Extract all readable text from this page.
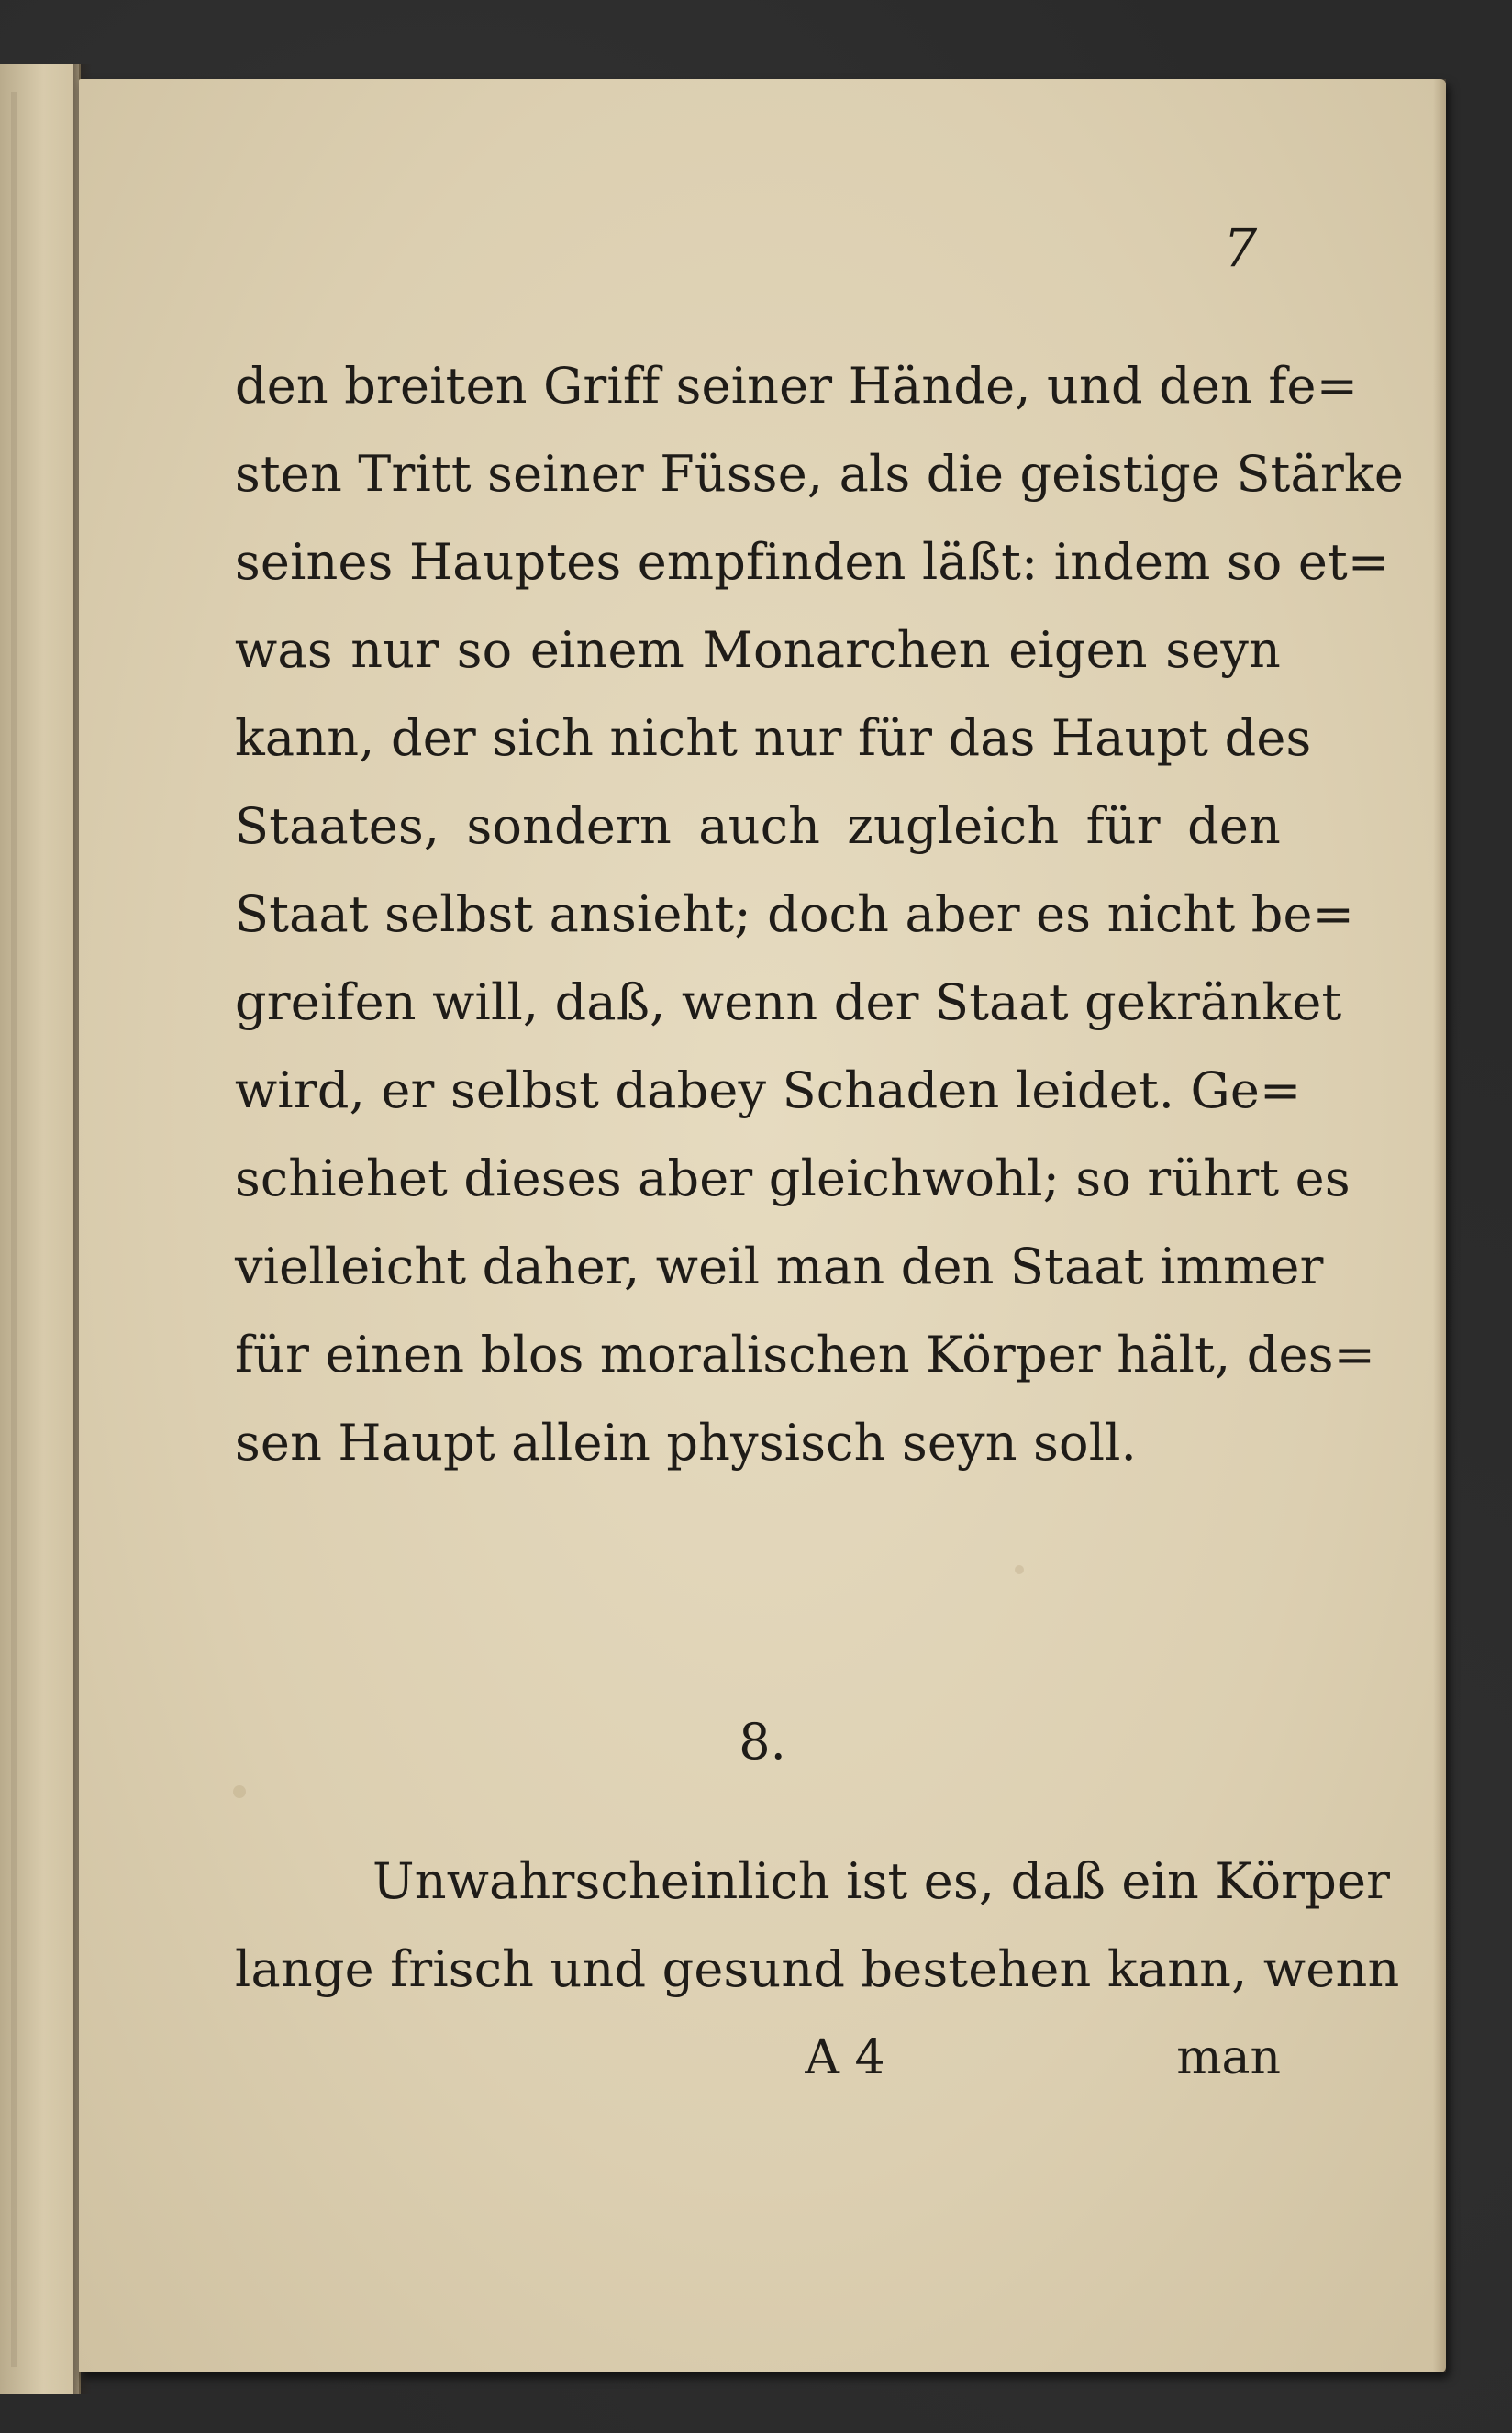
7
den breiten Griff seiner Hände, und den fe=
sten Tritt seiner Füsse, als die geistige Stärke
seines Hauptes empfinden läßt: indem so et=
was nur so einem Monarchen eigen seyn
kann, der sich nicht nur für das Haupt des
Staates, sondern auch zugleich für den
Staat selbst ansieht; doch aber es nicht be=
greifen will, daß, wenn der Staat gekränket
wird, er selbst dabey Schaden leidet. Ge=
schiehet dieses aber gleichwohl; so rührt es
vielleicht daher, weil man den Staat immer
für einen blos moralischen Körper hält, des=
sen Haupt allein physisch seyn soll.
8.
Unwahrscheinlich ist es, daß ein Körper
lange frisch und gesund bestehen kann, wenn
A 4	man
